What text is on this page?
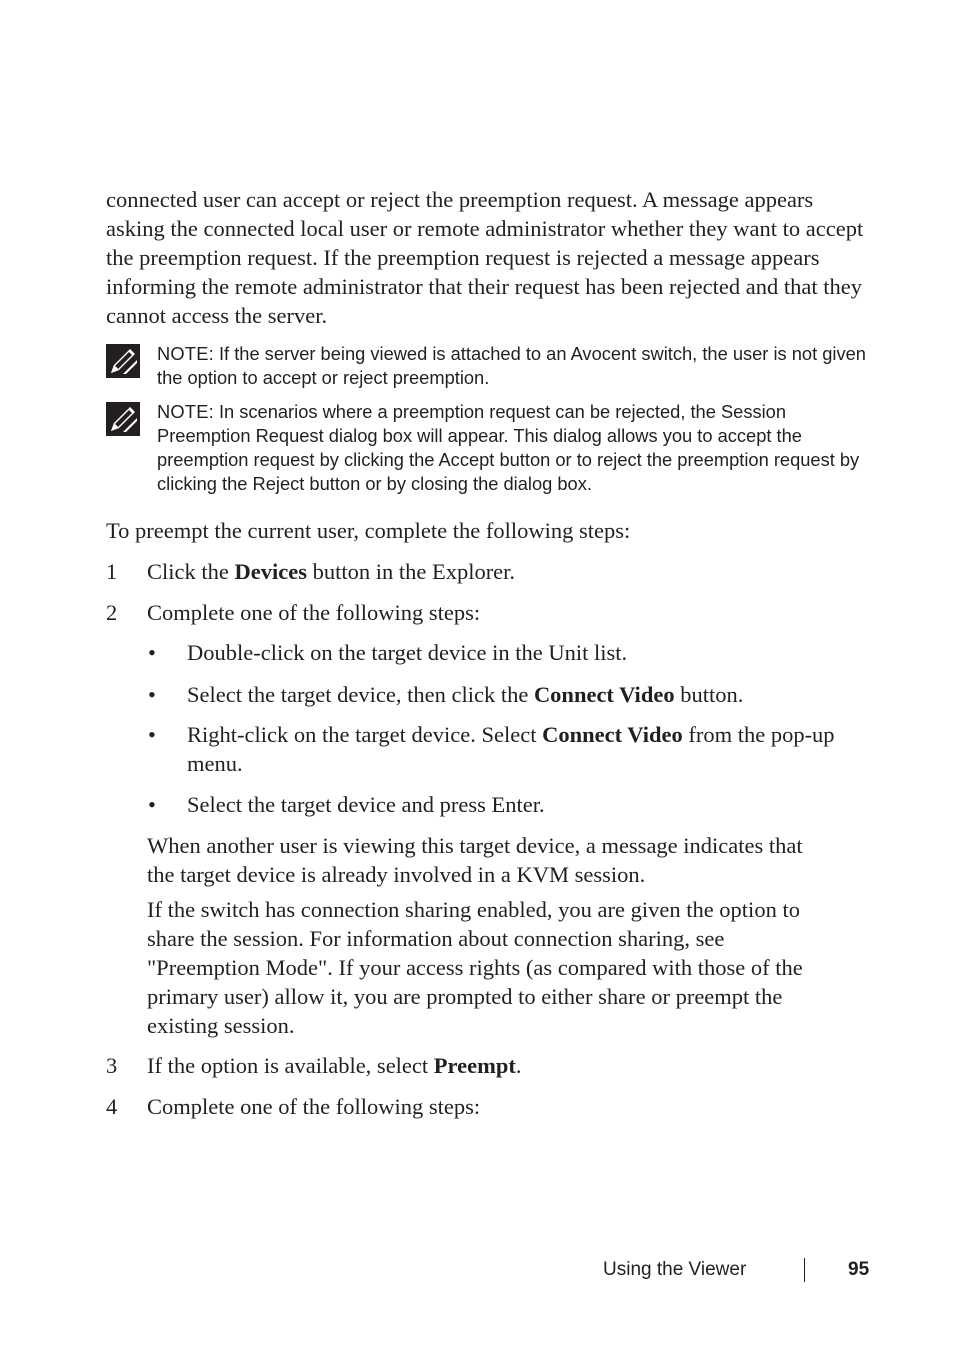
connected user can accept or reject the preemption request. A message appears asking the connected local user or remote administrator whether they want to accept the preemption request. If the preemption request is rejected a message appears informing the remote administrator that their request has been rejected and that they cannot access the server.

NOTE: If the server being viewed is attached to an Avocent switch, the user is not given the option to accept or reject preemption.
NOTE: In scenarios where a preemption request can be rejected, the Session Preemption Request dialog box will appear. This dialog allows you to accept the preemption request by clicking the Accept button or to reject the preemption request by clicking the Reject button or by closing the dialog box.

To preempt the current user, complete the following steps:

1 Click the Devices button in the Explorer.
2 Complete one of the following steps:
• Double-click on the target device in the Unit list.
• Select the target device, then click the Connect Video button.
• Right-click on the target device. Select Connect Video from the pop-up menu.
• Select the target device and press Enter.
When another user is viewing this target device, a message indicates that the target device is already involved in a KVM session.
If the switch has connection sharing enabled, you are given the option to share the session. For information about connection sharing, see "Preemption Mode". If your access rights (as compared with those of the primary user) allow it, you are prompted to either share or preempt the existing session.
3 If the option is available, select Preempt.
4 Complete one of the following steps:
Using the Viewer	95
